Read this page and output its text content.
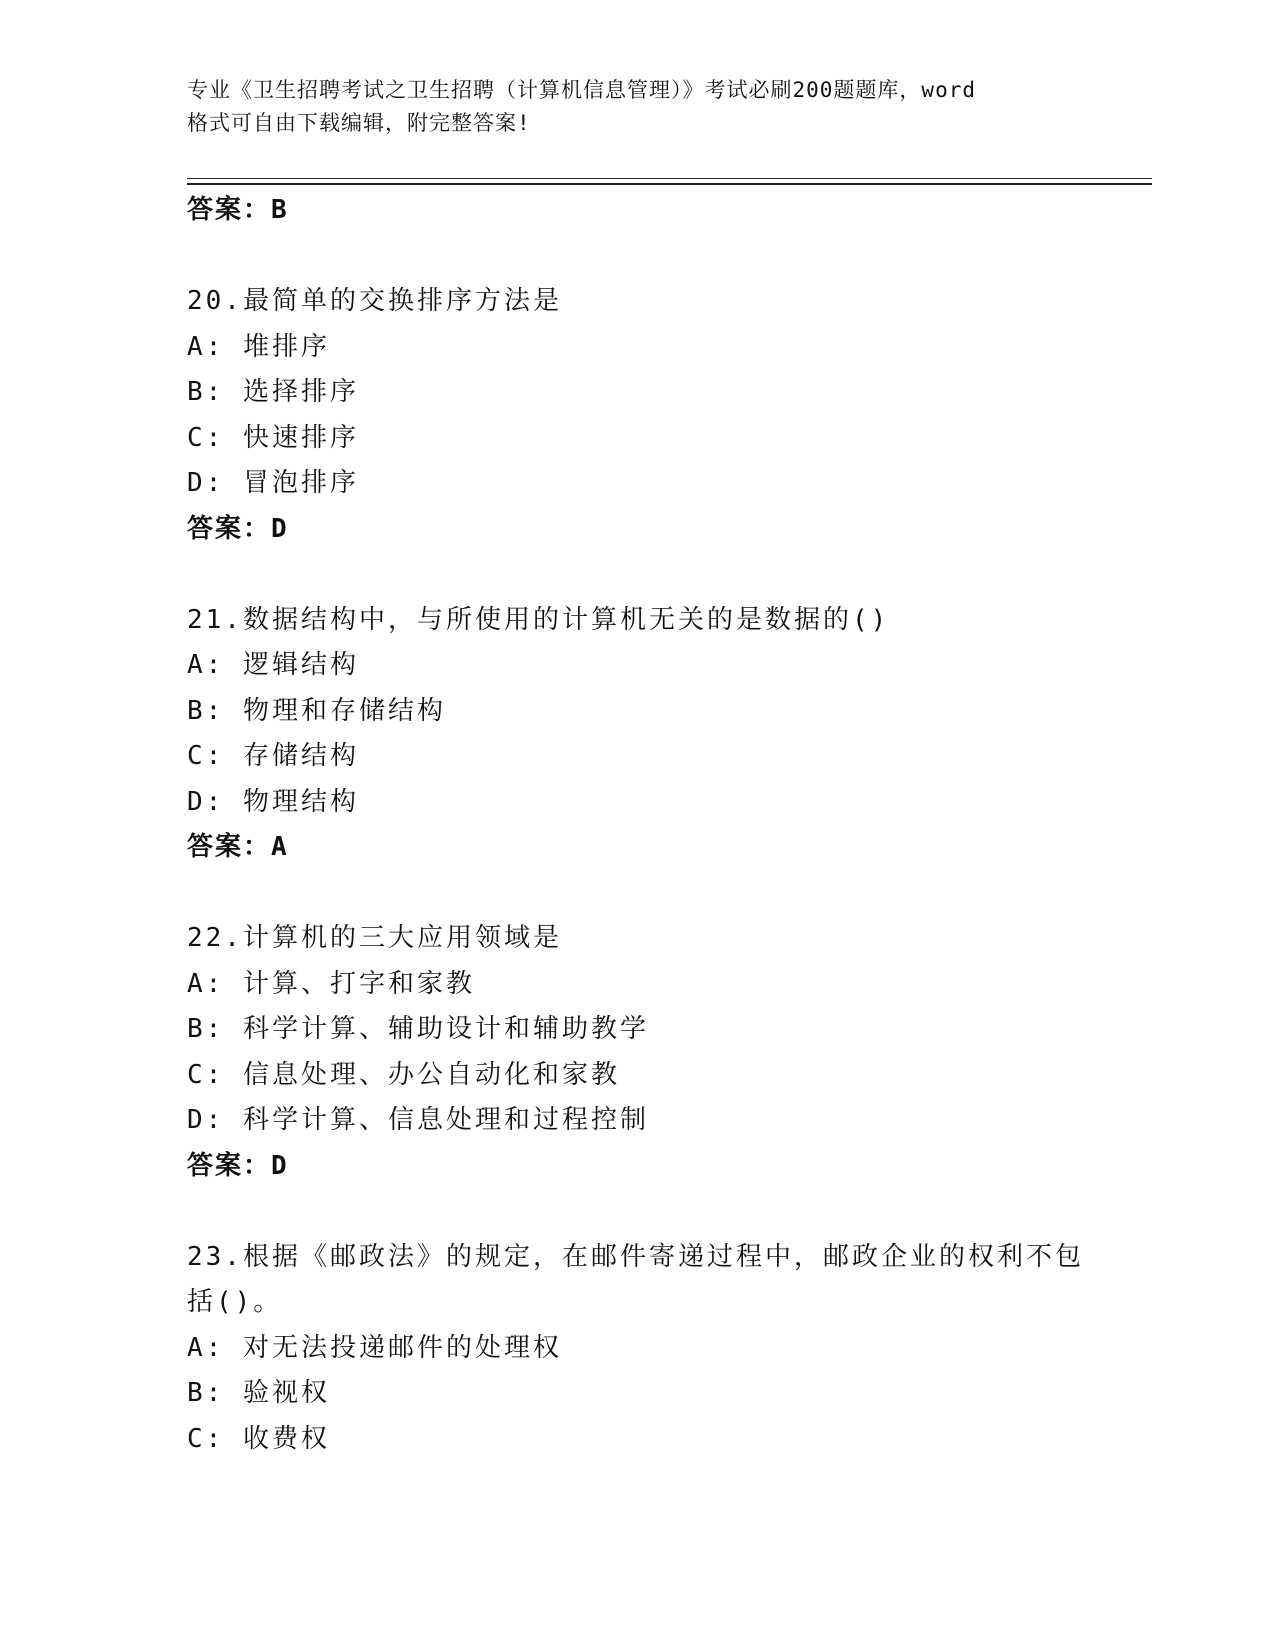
专业《卫生招聘考试之卫生招聘（计算机信息管理）》考试必刷200题题库，word
格式可自由下载编辑，附完整答案!
答案：B
20.最简单的交换排序方法是
A: 堆排序
B: 选择排序
C: 快速排序
D: 冒泡排序
答案：D
21.数据结构中，与所使用的计算机无关的是数据的()
A: 逻辑结构
B: 物理和存储结构
C: 存储结构
D: 物理结构
答案：A
22.计算机的三大应用领域是
A: 计算、打字和家教
B: 科学计算、辅助设计和辅助教学
C: 信息处理、办公自动化和家教
D: 科学计算、信息处理和过程控制
答案：D
23.根据《邮政法》的规定，在邮件寄递过程中，邮政企业的权利不包
括()。
A: 对无法投递邮件的处理权
B: 验视权
C: 收费权
